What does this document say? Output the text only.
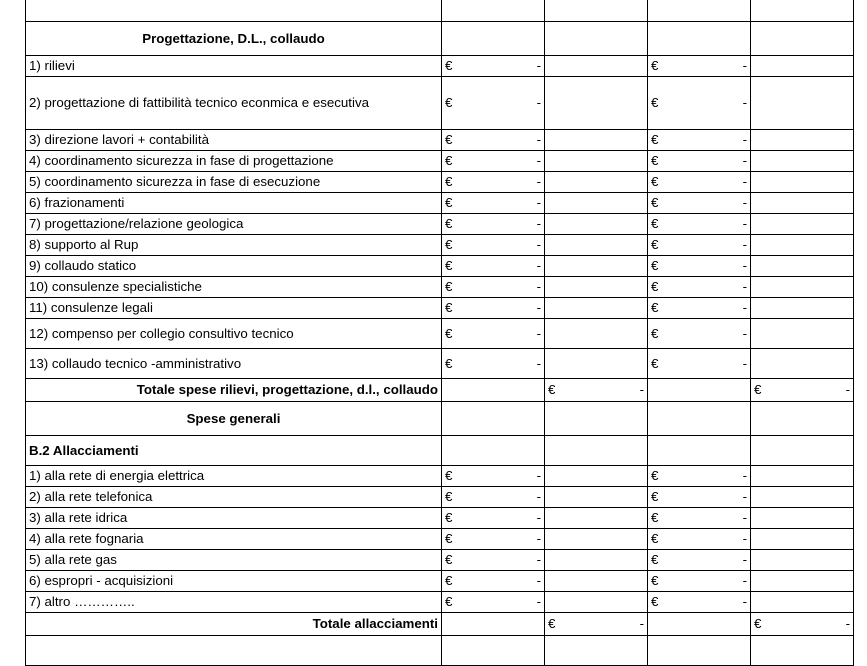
Progettazione, D.L., collaudo				
1) rilievi	€ -		€ -	

2) progettazione di fattibilità tecnico econmica e esecutiva	€ -		€ -	

3) direzione lavori + contabilità	€ -		€ -	

4) coordinamento sicurezza in fase di progettazione	€ -		€ -	

5) coordinamento sicurezza in fase di esecuzione	€ -		€ -	

6) frazionamenti	€ -		€ -	

7) progettazione/relazione geologica	€ -		€ -	

8) supporto al Rup	€ -		€ -	

9) collaudo statico	€ -		€ -	

10) consulenze specialistiche	€ -		€ -	

11) consulenze legali	€ -		€ -	

12) compenso per collegio consultivo tecnico	€ -		€ -	

13) collaudo tecnico -amministrativo	€ -		€ -	

Totale spese rilievi, progettazione, d.l., collaudo		€ -		€ -

Spese generali				
B.2 Allacciamenti				
1) alla rete di energia elettrica	€ -		€ -	

2) alla rete telefonica	€ -		€ -	

3) alla rete idrica	€ -		€ -	

4) alla rete fognaria	€ -		€ -	

5) alla rete gas	€ -		€ -	

6) espropri - acquisizioni	€ -		€ -	

7) altro …………..	€ -		€ -	

Totale allacciamenti		€ -		€ -
